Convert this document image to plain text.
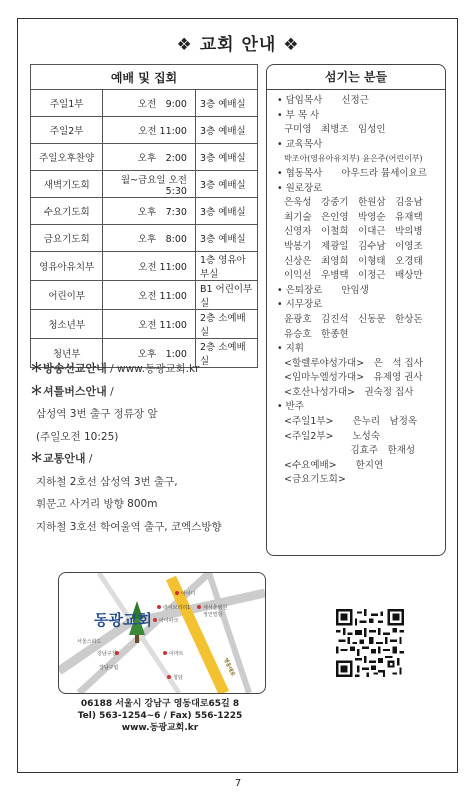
❖ 교회 안내 ❖
예배 및 집회		
주일1부	오전　9:00	3층 예배실
주일2부	오전 11:00	3층 예배실
주일오후찬양	오후　2:00	3층 예배실
새벽기도회	월~금요일 오전 5:30	3층 예배실
수요기도회	오후　7:30	3층 예배실
금요기도회	오후　8:00	3층 예배실
영유아유치부	오전 11:00	1층 영유아부실
어린이부	오전 11:00	B1 어린이부실
청소년부	오전 11:00	2층 소예배실
청년부	오후　1:00	2층 소예배실
섬기는 분들
• 담임목사　　신정근
• 부 목 사
구미영　최병조　임성인
• 교육목사
박조아(영유아유치부) 윤은주(어린이부)
• 협동목사　　아우드라 뮴세이요르
• 원로장로
은욱성　강중기　한원삼　김응남
최기술　은인영　박영순　유재택
신영자　이철희　이대근　박의병
박봉기　제광일　김수남　이영조
신상은　최영희　이형태　오경태
이익선　우병택　이정근　배상만
• 은퇴장로　　안임생
• 시무장로
윤광호　김진석　신동문　한상돈
유승호　한종현
• 지휘
<할렐루야성가대>　은　석 집사
<임마누엘성가대>　유제영 권사
<호산나성가대>　권숙정 집사
• 반주
<주일1부>　　은누리　남정옥
<주일2부>　　노성숙
　　　　　　　김효주　한재성
<수요예배>　　한지연
<금요기도회>
＊방송선교안내 / www.동광교회.kr
＊셔틀버스안내 /
삼성역 3번 출구 정류장 앞
(주일오전 10:25)
＊교통안내 /
지하철 2호선 삼성역 3번 출구,
휘문고 사거리 방향 800m
지하철 3호선 학여울역 출구, 코엑스방향
동광교회
아이디
라이브러리1	새서울병원
정인빌딩
아이파크
서울스피드
영동대로
강남구청	이마트
강남구립
청담
06188 서울시 강남구 영동대로65길 8
Tel) 563-1254~6 / Fax) 556-1225
www.동광교회.kr
7
